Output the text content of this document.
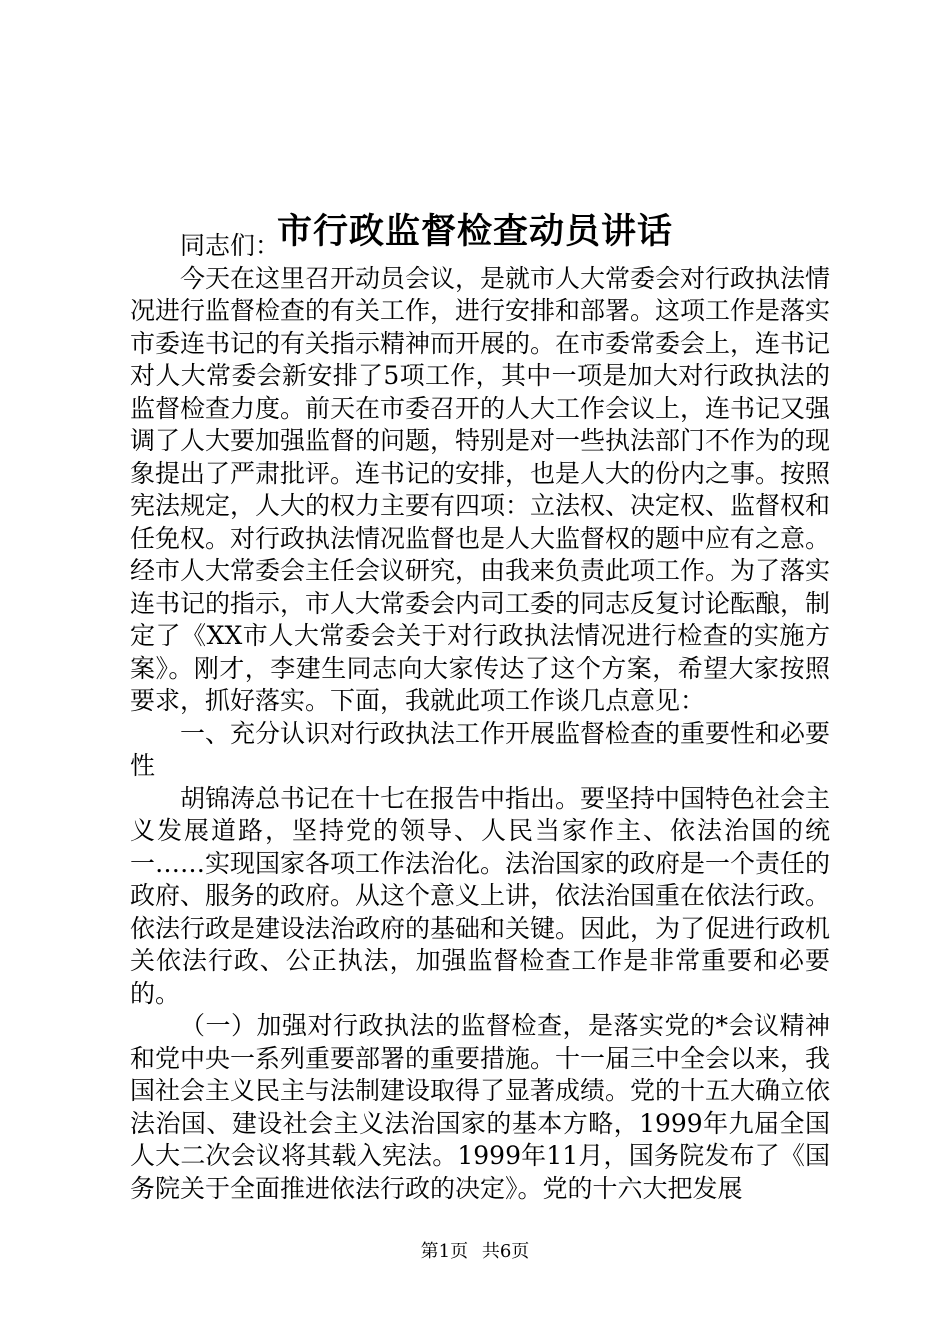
市行政监督检查动员讲话

同志们：

今天在这里召开动员会议，是就市人大常委会对行政执法情况进行监督检查的有关工作，进行安排和部署。这项工作是落实市委连书记的有关指示精神而开展的。在市委常委会上，连书记对人大常委会新安排了5项工作，其中一项是加大对行政执法的监督检查力度。前天在市委召开的人大工作会议上，连书记又强调了人大要加强监督的问题，特别是对一些执法部门不作为的现象提出了严肃批评。连书记的安排，也是人大的份内之事。按照宪法规定，人大的权力主要有四项：立法权、决定权、监督权和任免权。对行政执法情况监督也是人大监督权的题中应有之意。经市人大常委会主任会议研究，由我来负责此项工作。为了落实连书记的指示，市人大常委会内司工委的同志反复讨论酝酿，制定了《XX市人大常委会关于对行政执法情况进行检查的实施方案》。刚才，李建生同志向大家传达了这个方案，希望大家按照要求，抓好落实。下面，我就此项工作谈几点意见：

一、充分认识对行政执法工作开展监督检查的重要性和必要性

胡锦涛总书记在十七在报告中指出。要坚持中国特色社会主义发展道路，坚持党的领导、人民当家作主、依法治国的统一……实现国家各项工作法治化。法治国家的政府是一个责任的政府、服务的政府。从这个意义上讲，依法治国重在依法行政。依法行政是建设法治政府的基础和关键。因此，为了促进行政机关依法行政、公正执法，加强监督检查工作是非常重要和必要的。

（一）加强对行政执法的监督检查，是落实党的*会议精神和党中央一系列重要部署的重要措施。十一届三中全会以来，我国社会主义民主与法制建设取得了显著成绩。党的十五大确立依法治国、建设社会主义法治国家的基本方略，1999年九届全国人大二次会议将其载入宪法。1999年11月，国务院发布了《国务院关于全面推进依法行政的决定》。党的十六大把发展

第1页 共6页
